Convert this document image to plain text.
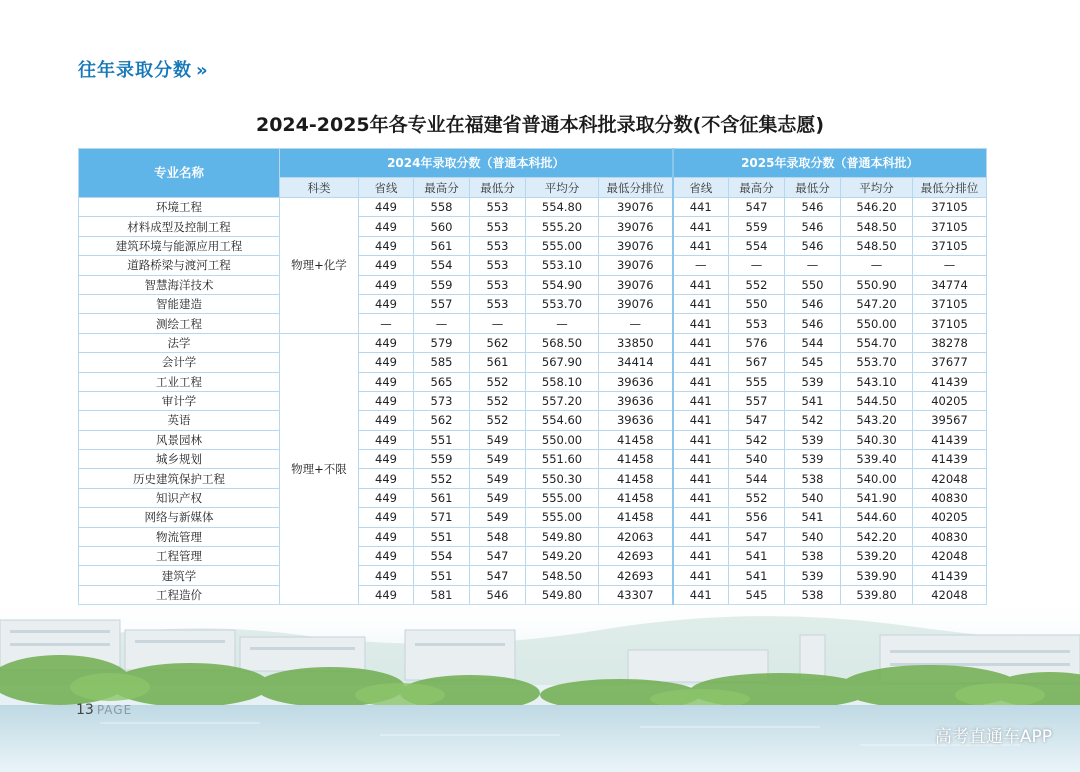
往年录取分数 »
2024-2025年各专业在福建省普通本科批录取分数(不含征集志愿)
专业名称	2024年录取分数（普通本科批）						2025年录取分数（普通本科批）				
	科类	省线	最高分	最低分	平均分	最低分排位	省线	最高分	最低分	平均分	最低分排位
环境工程	物理+化学	449	558	553	554.80	39076	441	547	546	546.20	37105
材料成型及控制工程		449	560	553	555.20	39076	441	559	546	548.50	37105
建筑环境与能源应用工程		449	561	553	555.00	39076	441	554	546	548.50	37105
道路桥梁与渡河工程		449	554	553	553.10	39076	—	—	—	—	—
智慧海洋技术		449	559	553	554.90	39076	441	552	550	550.90	34774
智能建造		449	557	553	553.70	39076	441	550	546	547.20	37105
测绘工程		—	—	—	—	—	441	553	546	550.00	37105
法学	物理+不限	449	579	562	568.50	33850	441	576	544	554.70	38278
会计学		449	585	561	567.90	34414	441	567	545	553.70	37677
工业工程		449	565	552	558.10	39636	441	555	539	543.10	41439
审计学		449	573	552	557.20	39636	441	557	541	544.50	40205
英语		449	562	552	554.60	39636	441	547	542	543.20	39567
风景园林		449	551	549	550.00	41458	441	542	539	540.30	41439
城乡规划		449	559	549	551.60	41458	441	540	539	539.40	41439
历史建筑保护工程		449	552	549	550.30	41458	441	544	538	540.00	42048
知识产权		449	561	549	555.00	41458	441	552	540	541.90	40830
网络与新媒体		449	571	549	555.00	41458	441	556	541	544.60	40205
物流管理		449	551	548	549.80	42063	441	547	540	542.20	40830
工程管理		449	554	547	549.20	42693	441	541	538	539.20	42048
建筑学		449	551	547	548.50	42693	441	541	539	539.90	41439

13 PAGE
高考直通车APP
